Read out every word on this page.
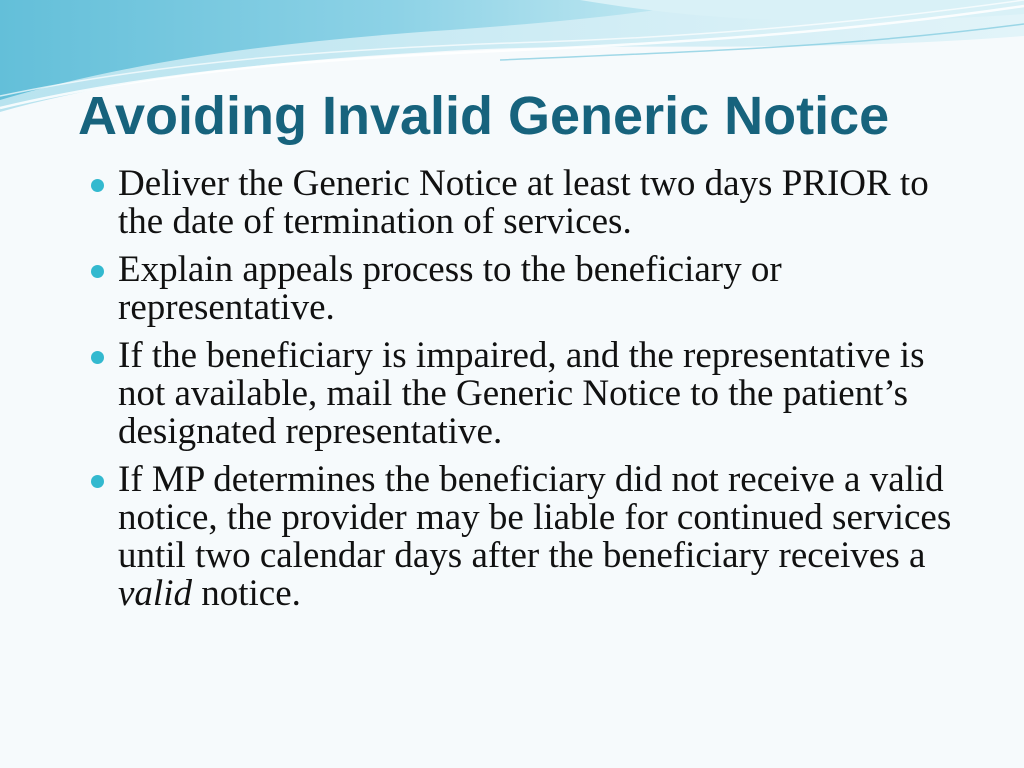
Avoiding Invalid Generic Notice
Deliver the Generic Notice at least two days PRIOR to the date of termination of services.
Explain appeals process to the beneficiary or representative.
If the beneficiary is impaired, and the representative is not available, mail the Generic Notice to the patient’s designated representative.
If MP determines the beneficiary did not receive a valid notice, the provider may be liable for continued services until two calendar days after the beneficiary receives a valid notice.
